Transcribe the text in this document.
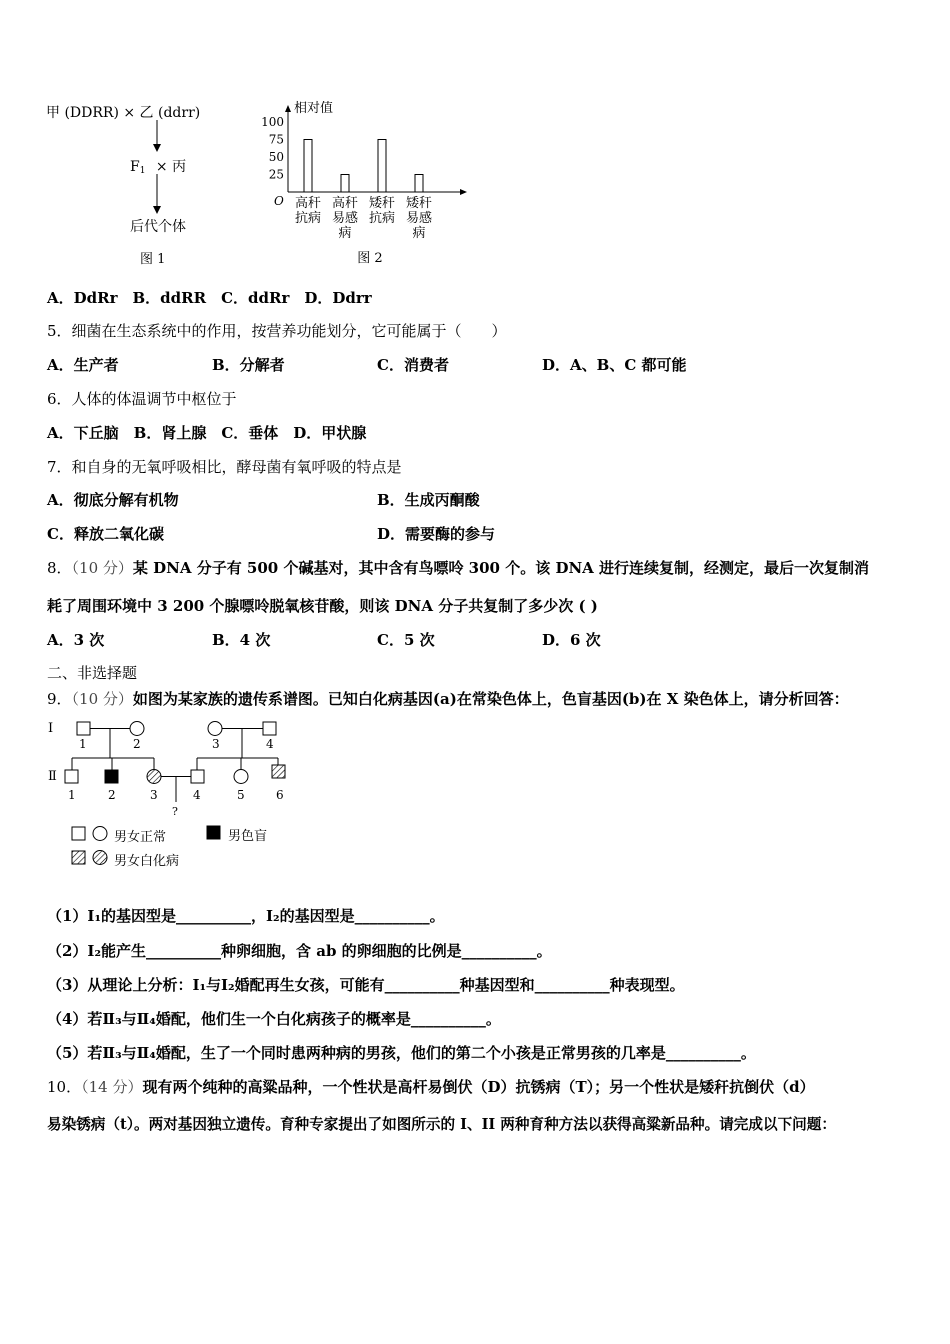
甲 (DDRR) × 乙 (ddrr)
$F_1$ × 丙
后代个体
图 1
相对值
O
100
75
50
25
高秆
抗病
高秆
易感
病
矮秆
抗病
矮秆
易感
病
图 2
A．DdRr　B．ddRR　C．ddRr　D．Ddrr
5．细菌在生态系统中的作用，按营养功能划分，它可能属于（　　）
A．生产者	B．分解者	C．消费者	D．A、B、C 都可能
6．人体的体温调节中枢位于
A．下丘脑　B．肾上腺　C．垂体　D．甲状腺
7．和自身的无氧呼吸相比，酵母菌有氧呼吸的特点是
A．彻底分解有机物	B．生成丙酮酸
C．释放二氧化碳	D．需要酶的参与
8．（10 分）某 DNA 分子有 500 个碱基对，其中含有鸟嘌呤 300 个。该 DNA 进行连续复制，经测定，最后一次复制消
耗了周围环境中 3 200 个腺嘌呤脱氧核苷酸，则该 DNA 分子共复制了多少次 ( )
A．3 次	B．4 次	C．5 次	D．6 次
二、非选择题
9．（10 分）如图为某家族的遗传系谱图。已知白化病基因(a)在常染色体上，色盲基因(b)在 X 染色体上，请分析回答：
Ⅰ
Ⅱ
1	2	3	4
1	2	3	4	5	6
?
男女正常	男色盲
男女白化病
（1）Ⅰ₁的基因型是__________，Ⅰ₂的基因型是__________。
（2）Ⅰ₂能产生__________种卵细胞，含 ab 的卵细胞的比例是__________。
（3）从理论上分析：Ⅰ₁与Ⅰ₂婚配再生女孩，可能有__________种基因型和__________种表现型。
（4）若Ⅱ₃与Ⅱ₄婚配，他们生一个白化病孩子的概率是__________。
（5）若Ⅱ₃与Ⅱ₄婚配，生了一个同时患两种病的男孩，他们的第二个小孩是正常男孩的几率是__________。
10．（14 分）现有两个纯种的高粱品种，一个性状是高杆易倒伏（D）抗锈病（T）；另一个性状是矮秆抗倒伏（d）
易染锈病（t）。两对基因独立遗传。育种专家提出了如图所示的 I、II 两种育种方法以获得高粱新品种。请完成以下问题：
